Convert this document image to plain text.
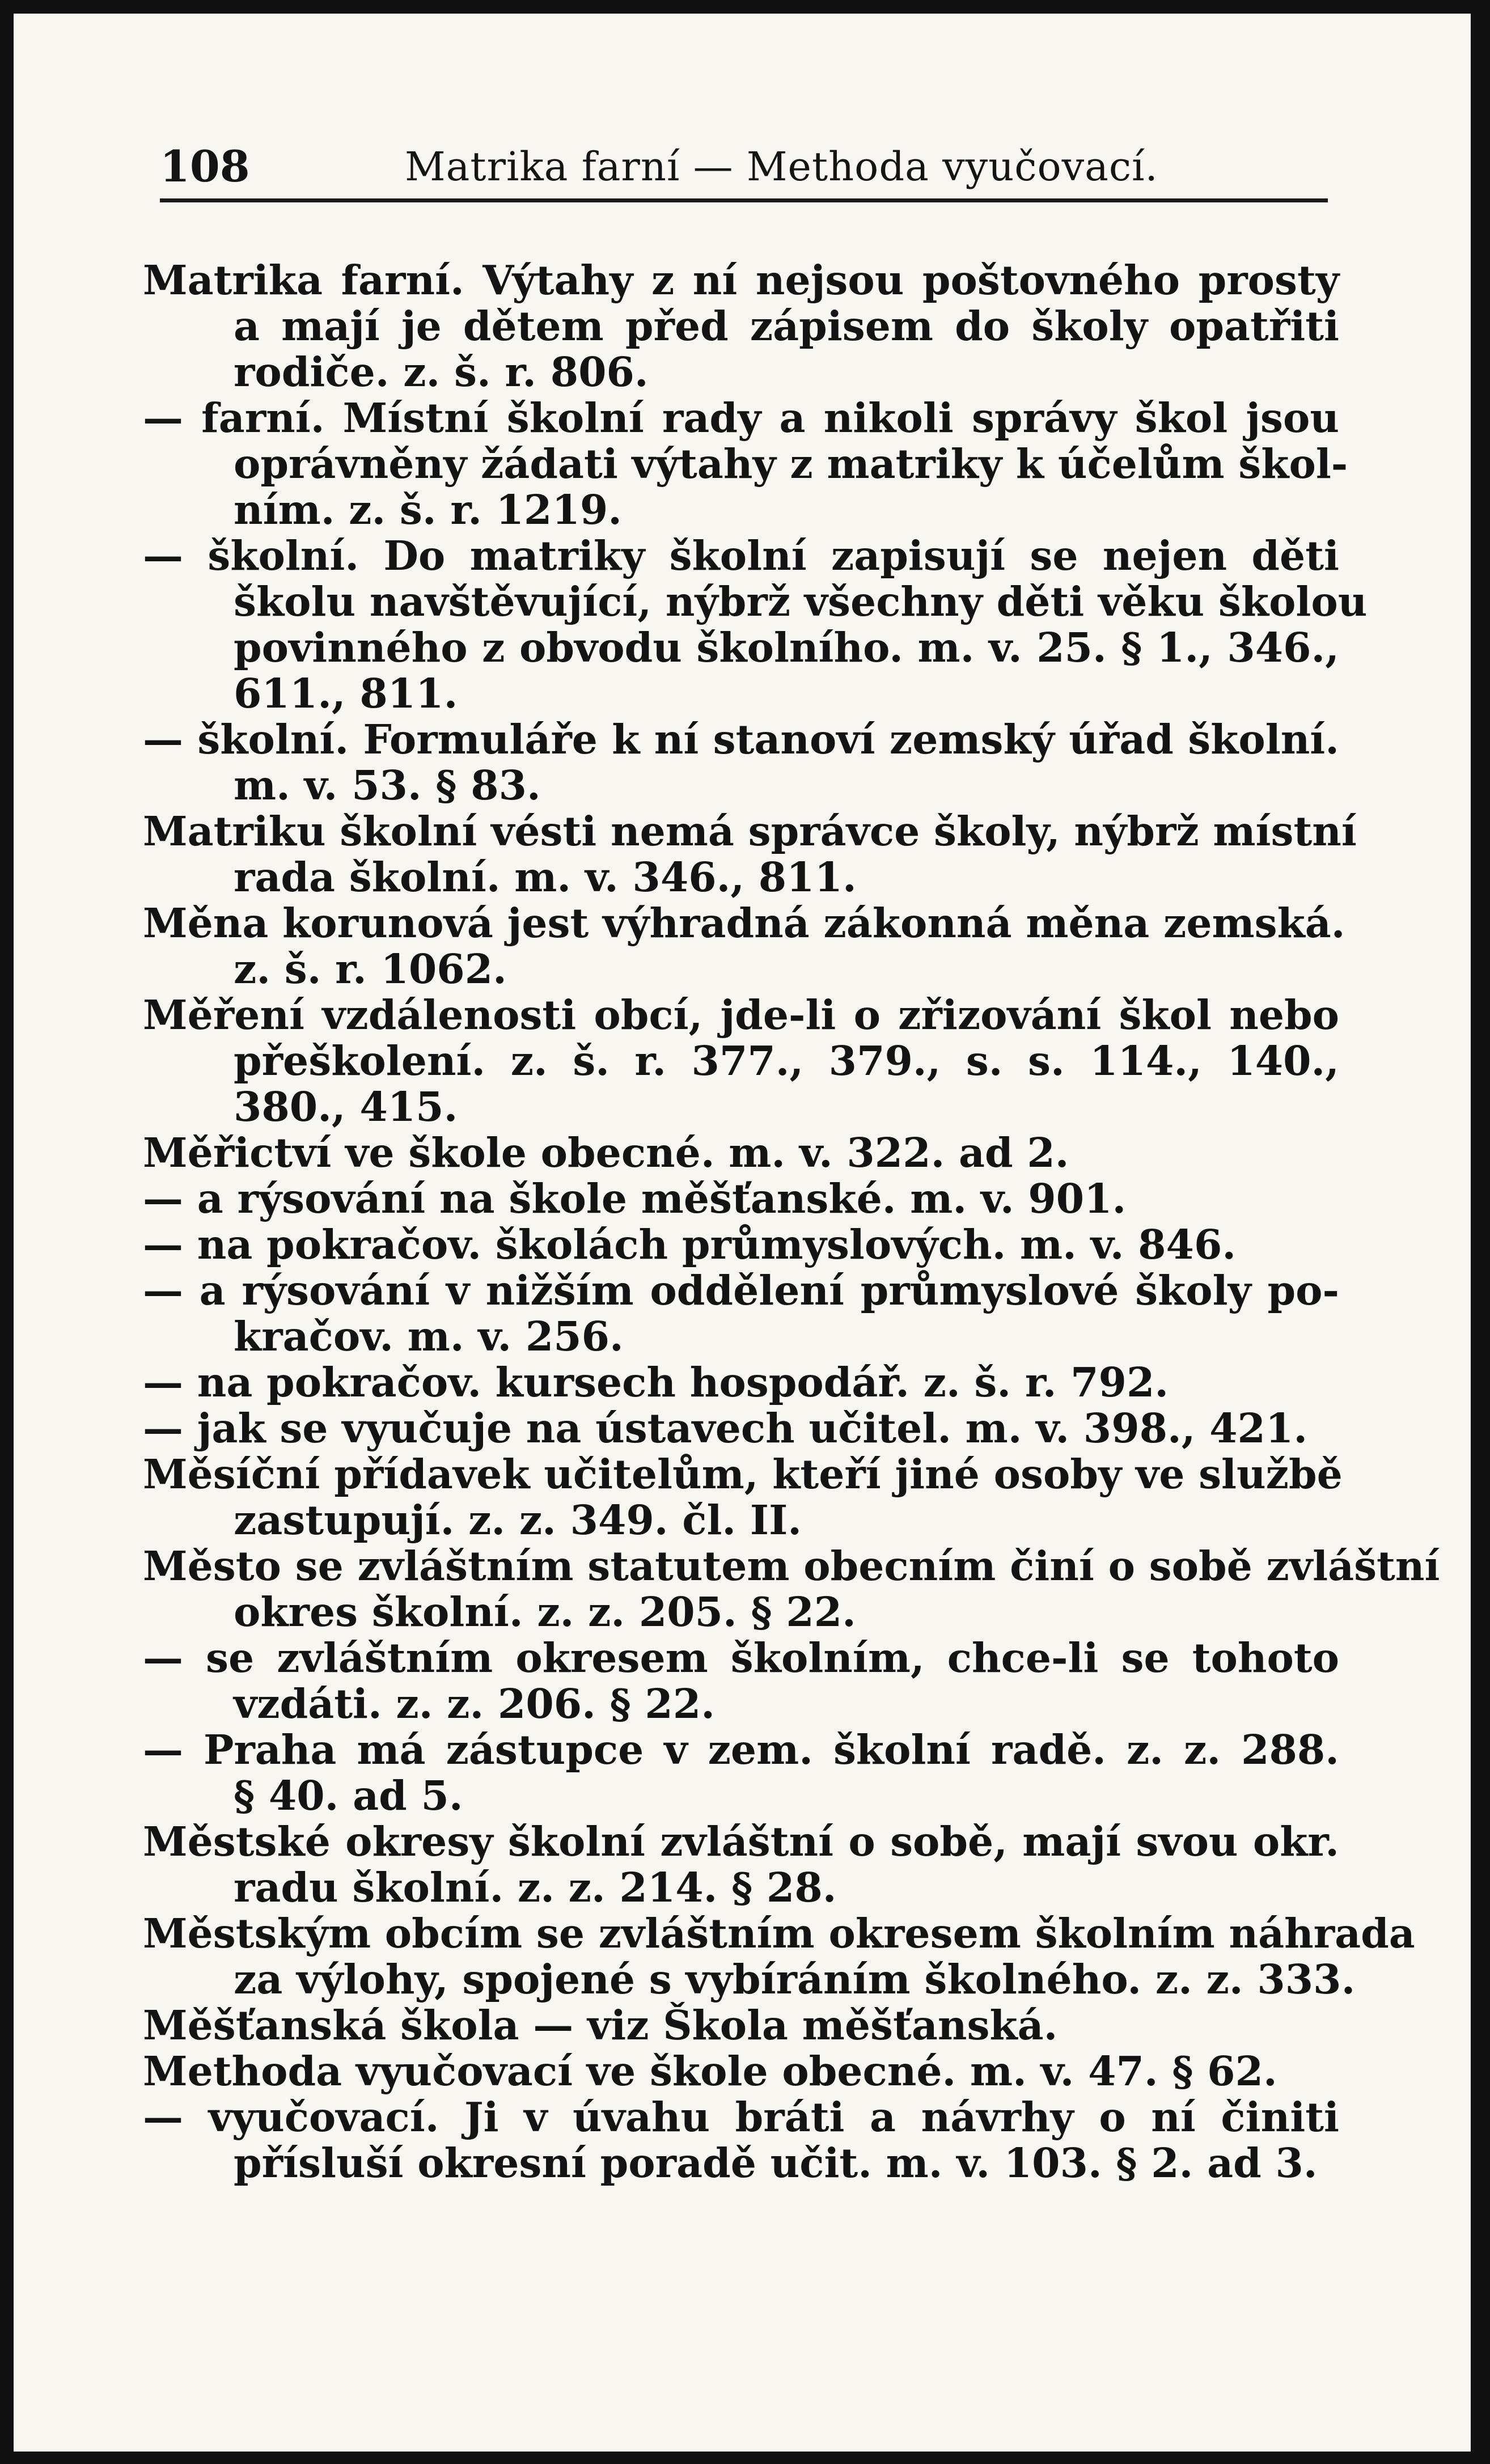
108	Matrika farní — Methoda vyučovací.
Matrika farní. Výtahy z ní nejsou poštovného prosty
a mají je dětem před zápisem do školy opatřiti
rodiče. z. š. r. 806.
— farní. Místní školní rady a nikoli správy škol jsou
oprávněny žádati výtahy z matriky k účelům škol-
ním. z. š. r. 1219.
— školní. Do matriky školní zapisují se nejen děti
školu navštěvující, nýbrž všechny děti věku školou
povinného z obvodu školního. m. v. 25. § 1., 346.,
611., 811.
— školní. Formuláře k ní stanoví zemský úřad školní.
m. v. 53. § 83.
Matriku školní vésti nemá správce školy, nýbrž místní
rada školní. m. v. 346., 811.
Měna korunová jest výhradná zákonná měna zemská.
z. š. r. 1062.
Měření vzdálenosti obcí, jde-li o zřizování škol nebo
přeškolení. z. š. r. 377., 379., s. s. 114., 140.,
380., 415.
Měřictví ve škole obecné. m. v. 322. ad 2.
— a rýsování na škole měšťanské. m. v. 901.
— na pokračov. školách průmyslových. m. v. 846.
— a rýsování v nižším oddělení průmyslové školy po-
kračov. m. v. 256.
— na pokračov. kursech hospodář. z. š. r. 792.
— jak se vyučuje na ústavech učitel. m. v. 398., 421.
Měsíční přídavek učitelům, kteří jiné osoby ve službě
zastupují. z. z. 349. čl. II.
Město se zvláštním statutem obecním činí o sobě zvláštní
okres školní. z. z. 205. § 22.
— se zvláštním okresem školním, chce-li se tohoto
vzdáti. z. z. 206. § 22.
— Praha má zástupce v zem. školní radě. z. z. 288.
§ 40. ad 5.
Městské okresy školní zvláštní o sobě, mají svou okr.
radu školní. z. z. 214. § 28.
Městským obcím se zvláštním okresem školním náhrada
za výlohy, spojené s vybíráním školného. z. z. 333.
Měšťanská škola — viz Škola měšťanská.
Methoda vyučovací ve škole obecné. m. v. 47. § 62.
— vyučovací. Ji v úvahu bráti a návrhy o ní činiti
přísluší okresní poradě učit. m. v. 103. § 2. ad 3.
